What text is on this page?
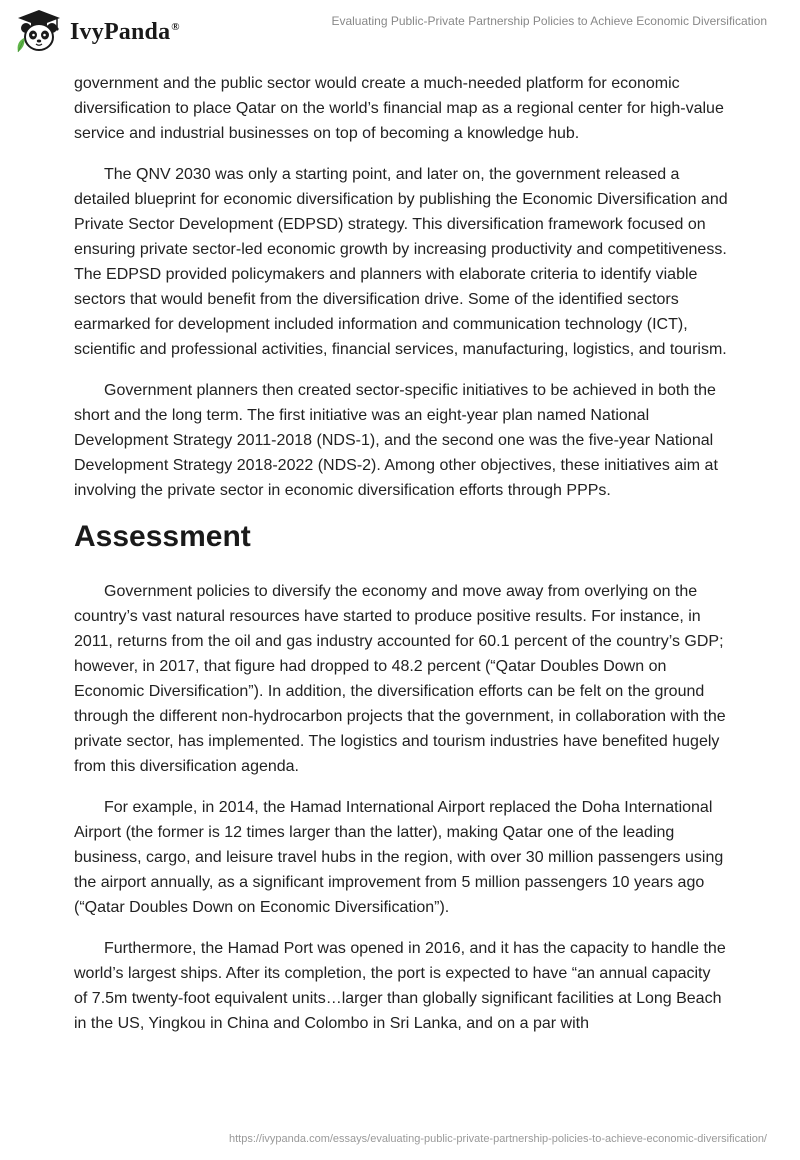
IvyPanda®	Evaluating Public-Private Partnership Policies to Achieve Economic Diversification

government and the public sector would create a much-needed platform for economic diversification to place Qatar on the world’s financial map as a regional center for high-value service and industrial businesses on top of becoming a knowledge hub.

The QNV 2030 was only a starting point, and later on, the government released a detailed blueprint for economic diversification by publishing the Economic Diversification and Private Sector Development (EDPSD) strategy. This diversification framework focused on ensuring private sector-led economic growth by increasing productivity and competitiveness. The EDPSD provided policymakers and planners with elaborate criteria to identify viable sectors that would benefit from the diversification drive. Some of the identified sectors earmarked for development included information and communication technology (ICT), scientific and professional activities, financial services, manufacturing, logistics, and tourism.

Government planners then created sector-specific initiatives to be achieved in both the short and the long term. The first initiative was an eight-year plan named National Development Strategy 2011-2018 (NDS-1), and the second one was the five-year National Development Strategy 2018-2022 (NDS-2). Among other objectives, these initiatives aim at involving the private sector in economic diversification efforts through PPPs.

Assessment

Government policies to diversify the economy and move away from overlying on the country’s vast natural resources have started to produce positive results. For instance, in 2011, returns from the oil and gas industry accounted for 60.1 percent of the country’s GDP; however, in 2017, that figure had dropped to 48.2 percent (“Qatar Doubles Down on Economic Diversification”). In addition, the diversification efforts can be felt on the ground through the different non-hydrocarbon projects that the government, in collaboration with the private sector, has implemented. The logistics and tourism industries have benefited hugely from this diversification agenda.

For example, in 2014, the Hamad International Airport replaced the Doha International Airport (the former is 12 times larger than the latter), making Qatar one of the leading business, cargo, and leisure travel hubs in the region, with over 30 million passengers using the airport annually, as a significant improvement from 5 million passengers 10 years ago (“Qatar Doubles Down on Economic Diversification”).

Furthermore, the Hamad Port was opened in 2016, and it has the capacity to handle the world’s largest ships. After its completion, the port is expected to have “an annual capacity of 7.5m twenty-foot equivalent units…larger than globally significant facilities at Long Beach in the US, Yingkou in China and Colombo in Sri Lanka, and on a par with

https://ivypanda.com/essays/evaluating-public-private-partnership-policies-to-achieve-economic-diversification/
